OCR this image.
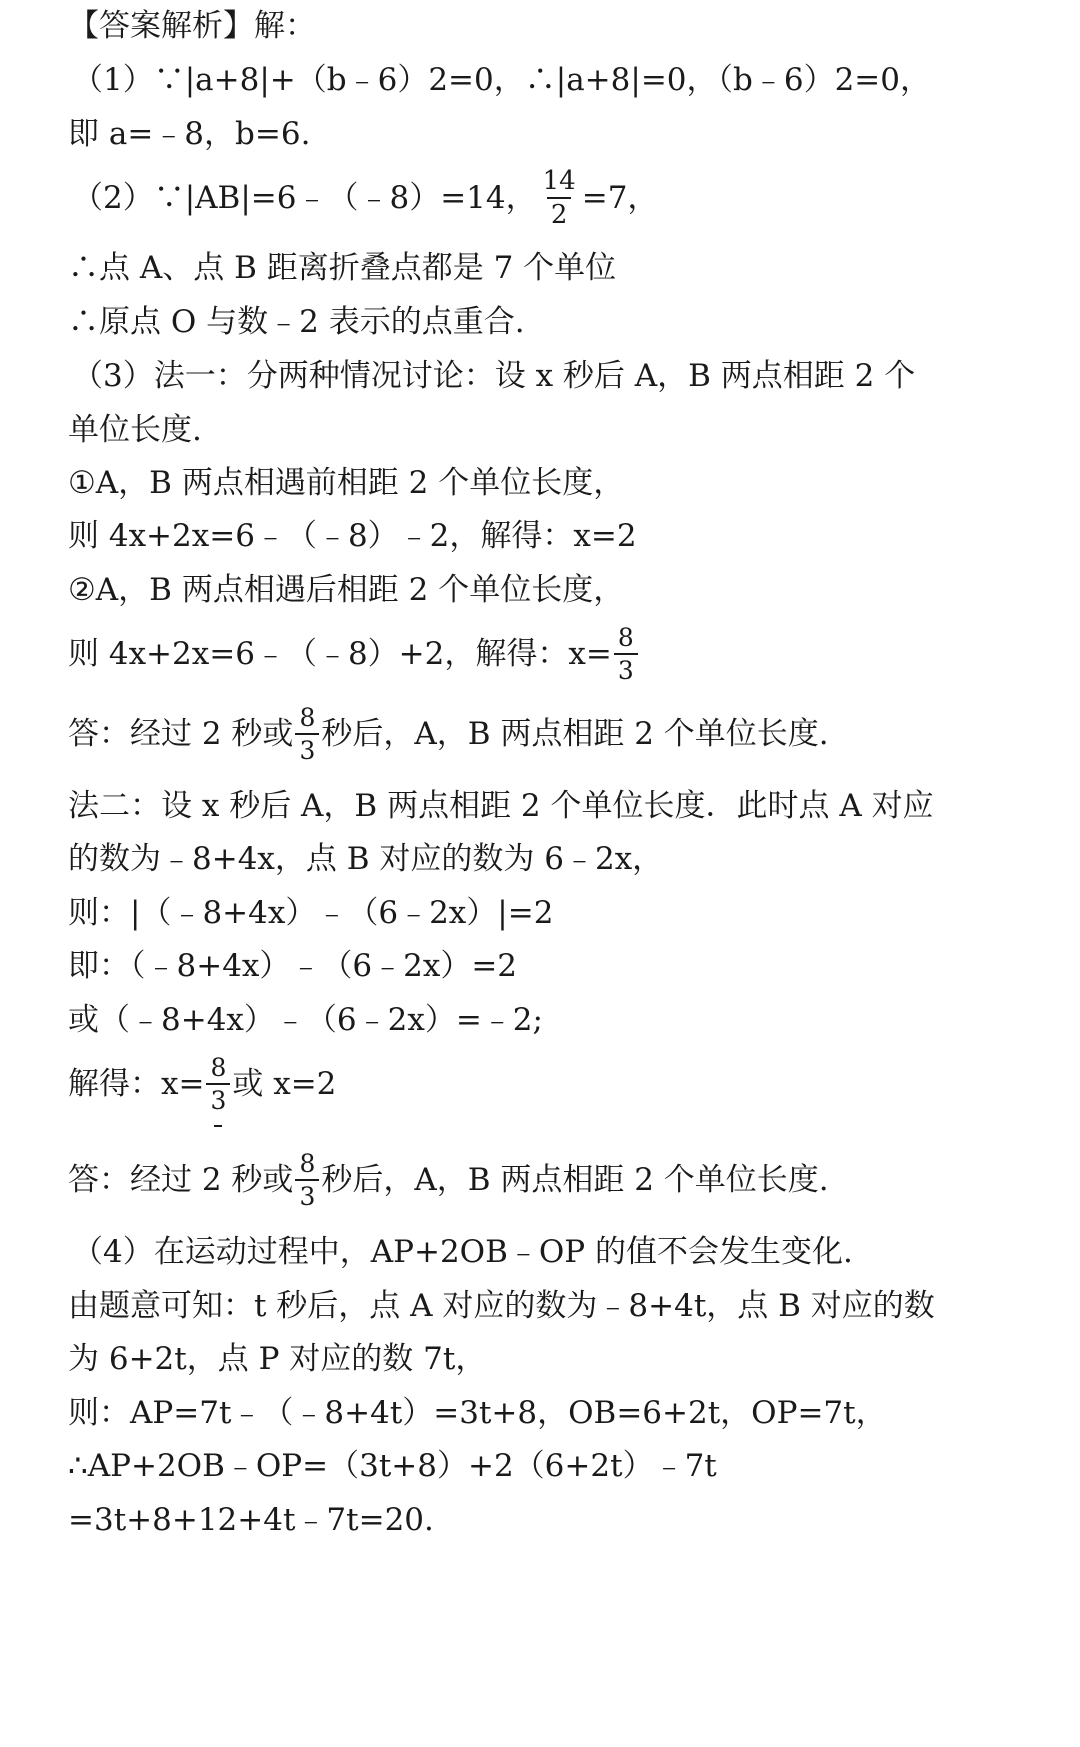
【答案解析】解：
（1）∵|a+8|+（b﹣6）2=0，∴|a+8|=0，（b﹣6）2=0，
即 a=﹣8，b=6.
（2）∵|AB|=6﹣（﹣8）=14， $\frac{14}{2} =7$，
∴点 A、点 B 距离折叠点都是 7 个单位
∴原点 O 与数﹣2 表示的点重合.
（3）法一：分两种情况讨论：设 x 秒后 A，B 两点相距 2 个
单位长度.
①A，B 两点相遇前相距 2 个单位长度，
则 4x+2x=6﹣（﹣8）﹣2，解得：x=2
②A，B 两点相遇后相距 2 个单位长度，
则 4x+2x=6﹣（﹣8）+2，解得：$x= \frac{8}{3}$
答：经过 2 秒或 $\frac{8}{3}$ 秒后，A，B 两点相距 2 个单位长度.
法二：设 x 秒后 A，B 两点相距 2 个单位长度．此时点 A 对应
的数为﹣8+4x，点 B 对应的数为 6﹣2x，
则：|（﹣8+4x）﹣（6﹣2x）|=2
即：（﹣8+4x）﹣（6﹣2x）=2
或（﹣8+4x）﹣（6﹣2x）=﹣2;
解得：$x= \frac{8}{3}$ 或 x=2
答：经过 2 秒或 $\frac{8}{3}$ 秒后，A，B 两点相距 2 个单位长度.
（4）在运动过程中，AP+2OB﹣OP 的值不会发生变化.
由题意可知：t 秒后，点 A 对应的数为﹣8+4t，点 B 对应的数
为 6+2t，点 P 对应的数 7t，
则：AP=7t﹣（﹣8+4t）=3t+8，OB=6+2t，OP=7t，
∴AP+2OB﹣OP=（3t+8）+2（6+2t）﹣7t
=3t+8+12+4t﹣7t=20.
